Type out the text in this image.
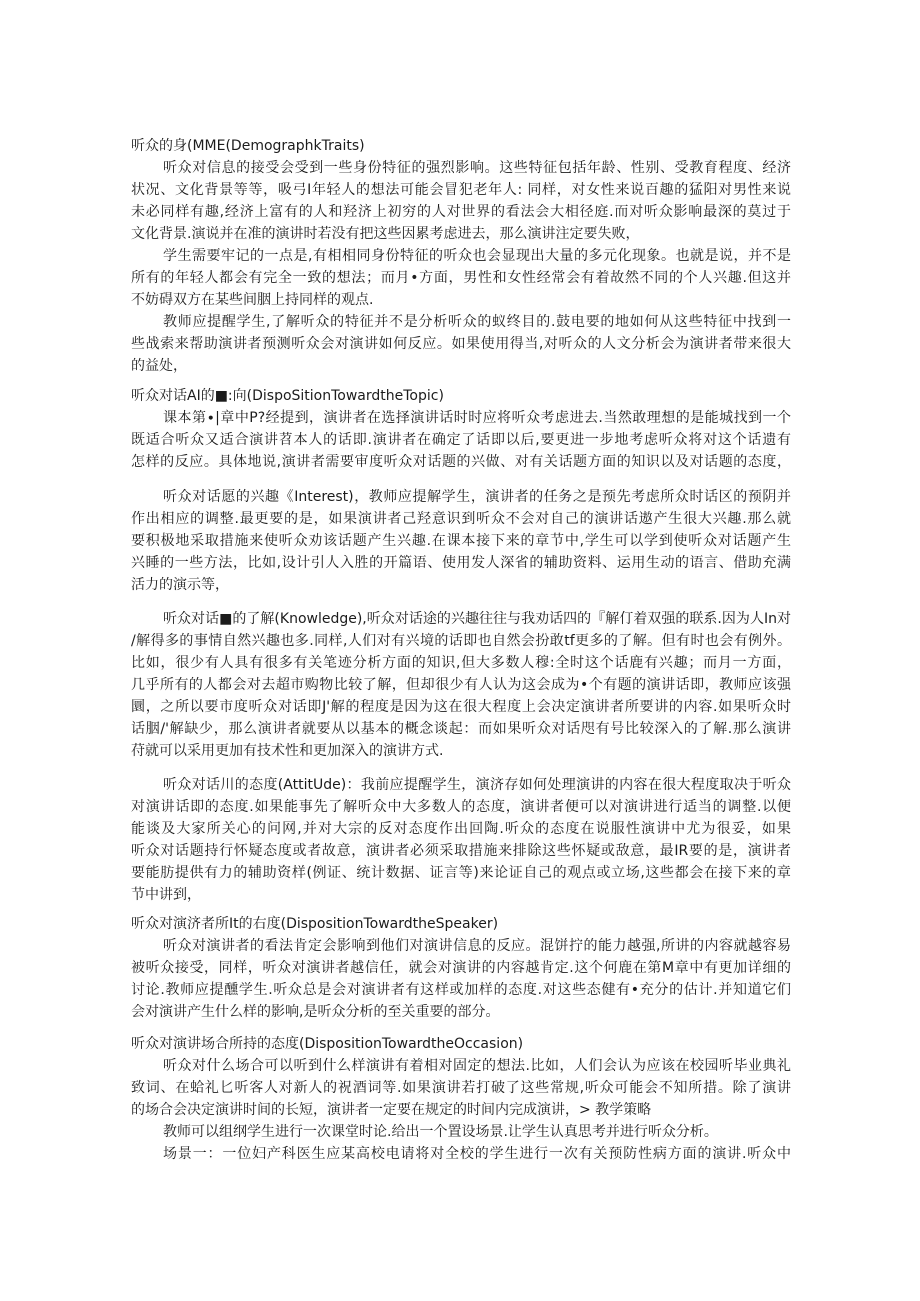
听众的身(MME(DemographkTraits)
听众对信息的接受会受到一些身份特征的强烈影响。这些特征包括年龄、性别、受教育程度、经济
状况、文化背景等等，吸弓I年轻人的想法可能会冒犯老年人: 同样，对女性来说百趣的猛阳对男性来说
未必同样有趣,经济上富有的人和羟济上初穷的人对世界的看法会大相径庭.而对听众影响最深的莫过于
文化背景.演说并在准的演讲时若没有把这些因累考虑进去，那么演讲注定要失败，
学生需要牢记的一点是,有相相同身份特征的听众也会显现出大量的多元化现象。也就是说，并不是
所有的年轻人都会有完全一致的想法；而月•方面，男性和女性经常会有着故然不同的个人兴趣.但这并
不妨碍双方在某些间胭上持同样的观点.
教师应提醒学生,了解听众的特征并不是分析听众的蚁终目的.鼓电要的地如何从这些特征中找到一
些战索来帮助演讲者预测听众会对演讲如何反应。如果使用得当,对听众的人文分析会为演讲者带来很大
的益处，
听众对话AI的■:向(DispoSitionTowardtheTopic)
课本第∙|章中P?经提到，演讲者在选择演讲话时时应将听众考虑进去.当然敢理想的是能城找到一个
既适合听众又适合演讲苕本人的话即.演讲者在确定了话即以后,要更进一步地考虑听众将对这个话遗有
怎样的反应。具体地说,演讲者需要审度听众对话题的兴做、对有关话题方面的知识以及对话题的态度，
听众对话愿的兴趣《Interest)，教师应提解学生，演讲者的任务之是预先考虑所众时话区的预阴并
作出相应的调整.最更要的是，如果演讲者己羟意识到听众不会对自己的演讲话遨产生很大兴趣.那么就
要积极地采取措施来使听众劝该话题产生兴趣.在课本接下来的章节中,学生可以学到使听众对话题产生
兴睡的一些方法，比如,设计引人入胜的开篇语、使用发人深省的辅助资料、运用生动的语言、借助充满
活力的演示等，
听众对话■的了解(Knowledge),听众对话途的兴趣往往与我劝话四的『解仃着双强的联系.因为人In对
/解得多的事情自然兴趣也多.同样,人们对有兴境的话即也自然会扮敢tf更多的了解。但有时也会有例外。
比如，很少有人具有很多有关笔迹分析方面的知识,但大多数人穆:全时这个话鹿有兴趣；而月一方面，
几乎所有的人都会对去超市购物比较了解，但却很少有人认为这会成为•个有题的演讲话即，教师应该强
圜，之所以要市度听众对话即J'解的程度是因为这在很大程度上会决定演讲者所要讲的内容.如果听众时
话胭/'解缺少，那么演讲者就要从以基本的概念谈起：而如果听众对话咫有号比较深入的了解.那么演讲
苻就可以采用更加有技术性和更加深入的演讲方式.
听众对话川的态度(AttitUde)：我前应提醒学生，演济存如何处理演讲的内容在很大程度取决于听众
对演讲话即的态度.如果能事先了解听众中大多数人的态度，演讲者便可以对演讲进行适当的调整.以便
能谈及大家所关心的问网,并对大宗的反对态度作出回陶.听众的态度在说服性演讲中尤为很妥，如果
听众对话题持行怀疑态度或者故意，演讲者必须采取措施来排除这些怀疑或敌意，最IR要的是，演讲者
要能肪提供有力的辅助资样(例证、统计数据、证言等)来论证自己的观点或立场,这些都会在接下来的章
节中讲到，
听众对演济者所It的右度(DispositionTowardtheSpeaker)
听众对演讲者的看法肯定会影响到他们对演讲信息的反应。混饼拧的能力越强,所讲的内容就越容易
被听众接受，同样，听众对演讲者越信任，就会对演讲的内容越肯定.这个何鹿在第M章中有更加详细的
讨论.教师应提醺学生.听众总是会对演讲者有这样或加样的态度.对这些态健有•充分的估计.并知道它们
会对演讲产生什么样的影响,是听众分析的至关重要的部分。
听众对演讲场合所持的态度(DispositionTowardtheOccasion)
听众对什么场合可以听到什么样演讲有着相对固定的想法.比如，人们会认为应该在校园听毕业典礼
致词、在蛤礼匕听客人对新人的祝酒词等.如果演讲若打破了这些常规,听众可能会不知所措。除了演讲
的场合会决定演讲时间的长短，演讲者一定要在规定的时间内完成演讲，> 教学策略
教师可以组纲学生进行一次课堂时论.给出一个置设场景.让学生认真思考并进行听众分析。
场景一：一位妇产科医生应某高校电请将对全校的学生进行一次有关预防性病方面的演讲.听众中
